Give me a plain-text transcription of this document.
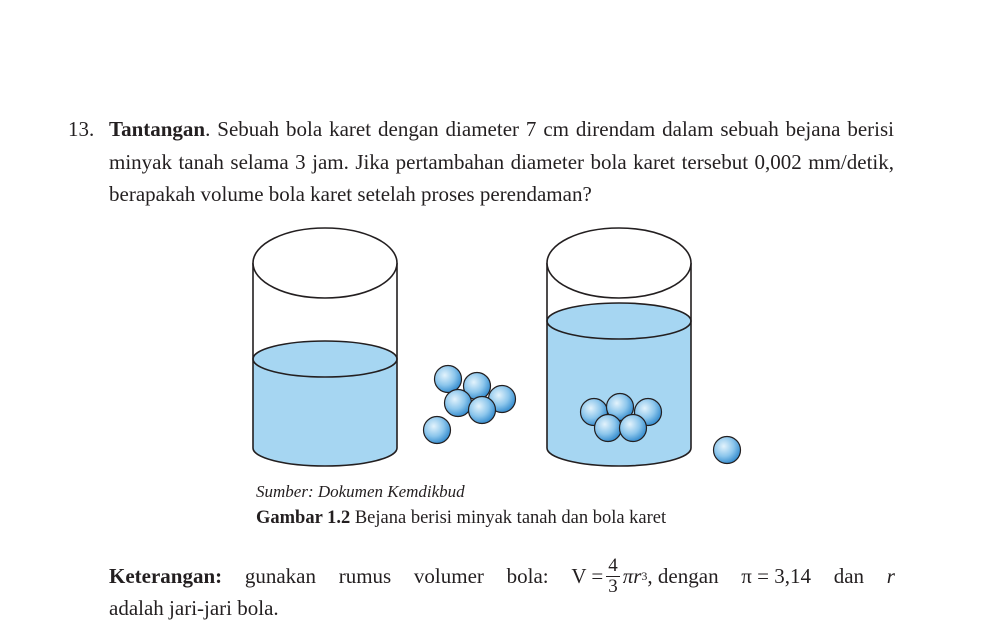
13. Tantangan. Sebuah bola karet dengan diameter 7 cm direndam dalam sebuah bejana berisi minyak tanah selama 3 jam. Jika pertambahan diameter bola karet tersebut 0,002 mm/detik, berapakah volume bola karet setelah proses perendaman?
Sumber: Dokumen Kemdikbud
Gambar 1.2 Bejana berisi minyak tanah dan bola karet
Keterangan: gunakan rumus volumer bola: $V = \frac{4}{3}$ π r 3 , dengan π = 3,14 dan r
adalah jari-jari bola.
